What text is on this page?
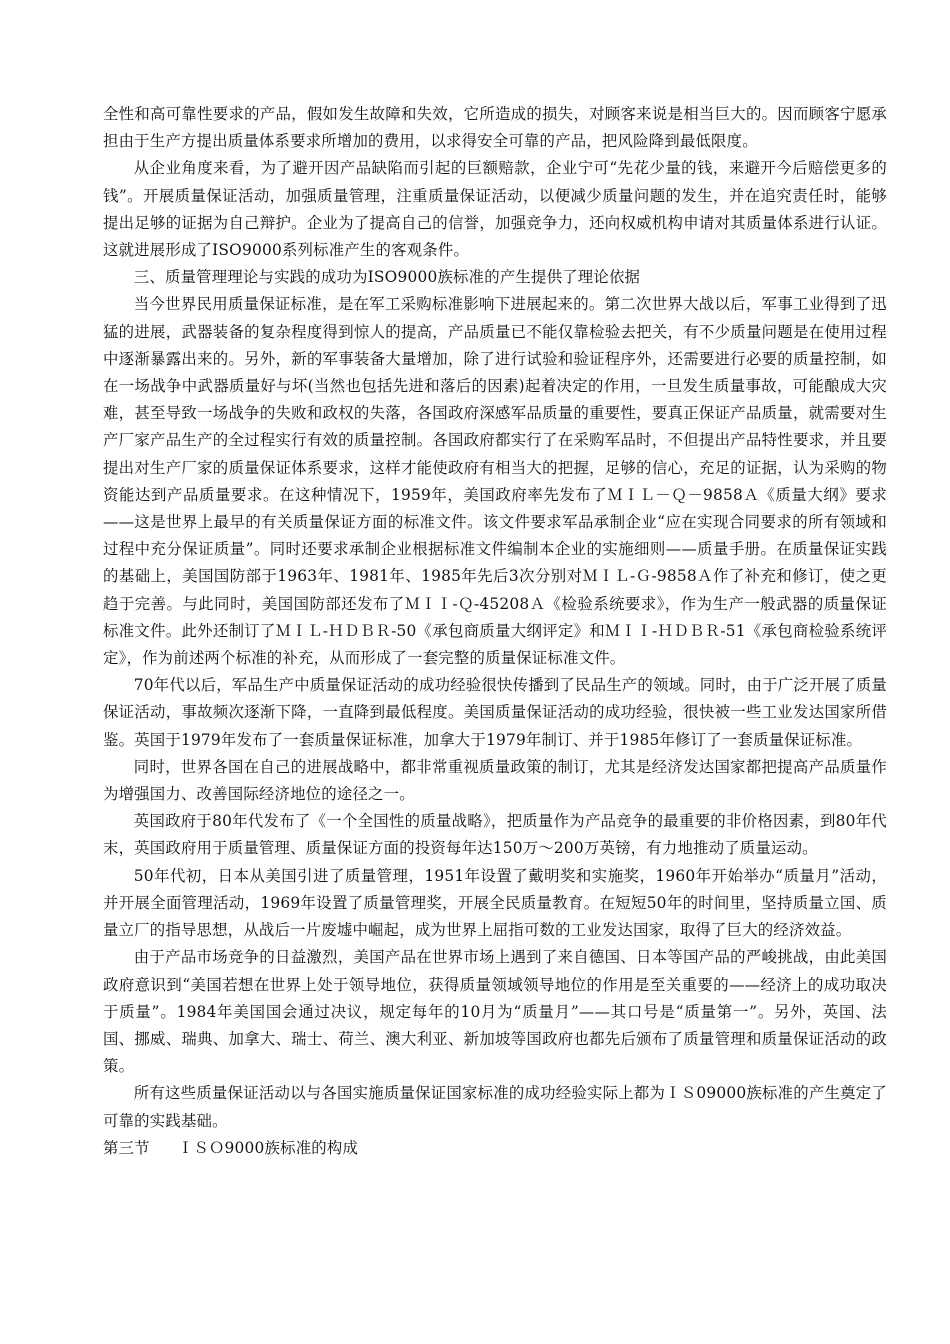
全性和高可靠性要求的产品，假如发生故障和失效，它所造成的损失，对顾客来说是相当巨大的。因而顾客宁愿承担由于生产方提出质量体系要求所增加的费用，以求得安全可靠的产品，把风险降到最低限度。

从企业角度来看，为了避开因产品缺陷而引起的巨额赔款，企业宁可“先花少量的钱，来避开今后赔偿更多的钱”。开展质量保证活动，加强质量管理，注重质量保证活动，以便减少质量问题的发生，并在追究责任时，能够提出足够的证据为自己辩护。企业为了提高自己的信誉，加强竞争力，还向权威机构申请对其质量体系进行认证。这就进展形成了ISO9000系列标准产生的客观条件。

三、质量管理理论与实践的成功为ISO9000族标准的产生提供了理论依据

当今世界民用质量保证标准，是在军工采购标准影响下进展起来的。第二次世界大战以后，军事工业得到了迅猛的进展，武器装备的复杂程度得到惊人的提高，产品质量已不能仅靠检验去把关，有不少质量问题是在使用过程中逐渐暴露出来的。另外，新的军事装备大量增加，除了进行试验和验证程序外，还需要进行必要的质量控制，如在一场战争中武器质量好与坏(当然也包括先进和落后的因素)起着决定的作用，一旦发生质量事故，可能酿成大灾难，甚至导致一场战争的失败和政权的失落，各国政府深感军品质量的重要性，要真正保证产品质量，就需要对生产厂家产品生产的全过程实行有效的质量控制。各国政府都实行了在采购军品时，不但提出产品特性要求，并且要提出对生产厂家的质量保证体系要求，这样才能使政府有相当大的把握，足够的信心，充足的证据，认为采购的物资能达到产品质量要求。在这种情况下，1959年，美国政府率先发布了ＭＩＬ－Ｑ－9858Ａ《质量大纲》要求——这是世界上最早的有关质量保证方面的标准文件。该文件要求军品承制企业“应在实现合同要求的所有领域和过程中充分保证质量”。同时还要求承制企业根据标准文件编制本企业的实施细则——质量手册。在质量保证实践的基础上，美国国防部于1963年、1981年、1985年先后3次分别对ＭＩＬ-Ｇ-9858Ａ作了补充和修订，使之更趋于完善。与此同时，美国国防部还发布了ＭＩＩ-Ｑ-45208Ａ《检验系统要求》，作为生产一般武器的质量保证标准文件。此外还制订了ＭＩＬ-ＨＤＢＲ-50《承包商质量大纲评定》和ＭＩＩ-ＨＤＢＲ-51《承包商检验系统评定》，作为前述两个标准的补充，从而形成了一套完整的质量保证标准文件。

70年代以后，军品生产中质量保证活动的成功经验很快传播到了民品生产的领域。同时，由于广泛开展了质量保证活动，事故频次逐渐下降，一直降到最低程度。美国质量保证活动的成功经验，很快被一些工业发达国家所借鉴。英国于1979年发布了一套质量保证标准，加拿大于1979年制订、并于1985年修订了一套质量保证标准。

同时，世界各国在自己的进展战略中，都非常重视质量政策的制订，尤其是经济发达国家都把提高产品质量作为增强国力、改善国际经济地位的途径之一。

英国政府于80年代发布了《一个全国性的质量战略》，把质量作为产品竞争的最重要的非价格因素，到80年代末，英国政府用于质量管理、质量保证方面的投资每年达150万～200万英镑，有力地推动了质量运动。

50年代初，日本从美国引进了质量管理，1951年设置了戴明奖和实施奖，1960年开始举办“质量月”活动，并开展全面管理活动，1969年设置了质量管理奖，开展全民质量教育。在短短50年的时间里，坚持质量立国、质量立厂的指导思想，从战后一片废墟中崛起，成为世界上屈指可数的工业发达国家，取得了巨大的经济效益。

由于产品市场竞争的日益激烈，美国产品在世界市场上遇到了来自德国、日本等国产品的严峻挑战，由此美国政府意识到“美国若想在世界上处于领导地位，获得质量领域领导地位的作用是至关重要的——经济上的成功取决于质量”。1984年美国国会通过决议，规定每年的10月为“质量月”——其口号是“质量第一”。另外，英国、法国、挪威、瑞典、加拿大、瑞士、荷兰、澳大利亚、新加坡等国政府也都先后颁布了质量管理和质量保证活动的政策。

所有这些质量保证活动以与各国实施质量保证国家标准的成功经验实际上都为ＩＳ09000族标准的产生奠定了可靠的实践基础。

第三节 ＩＳＯ9000族标准的构成
